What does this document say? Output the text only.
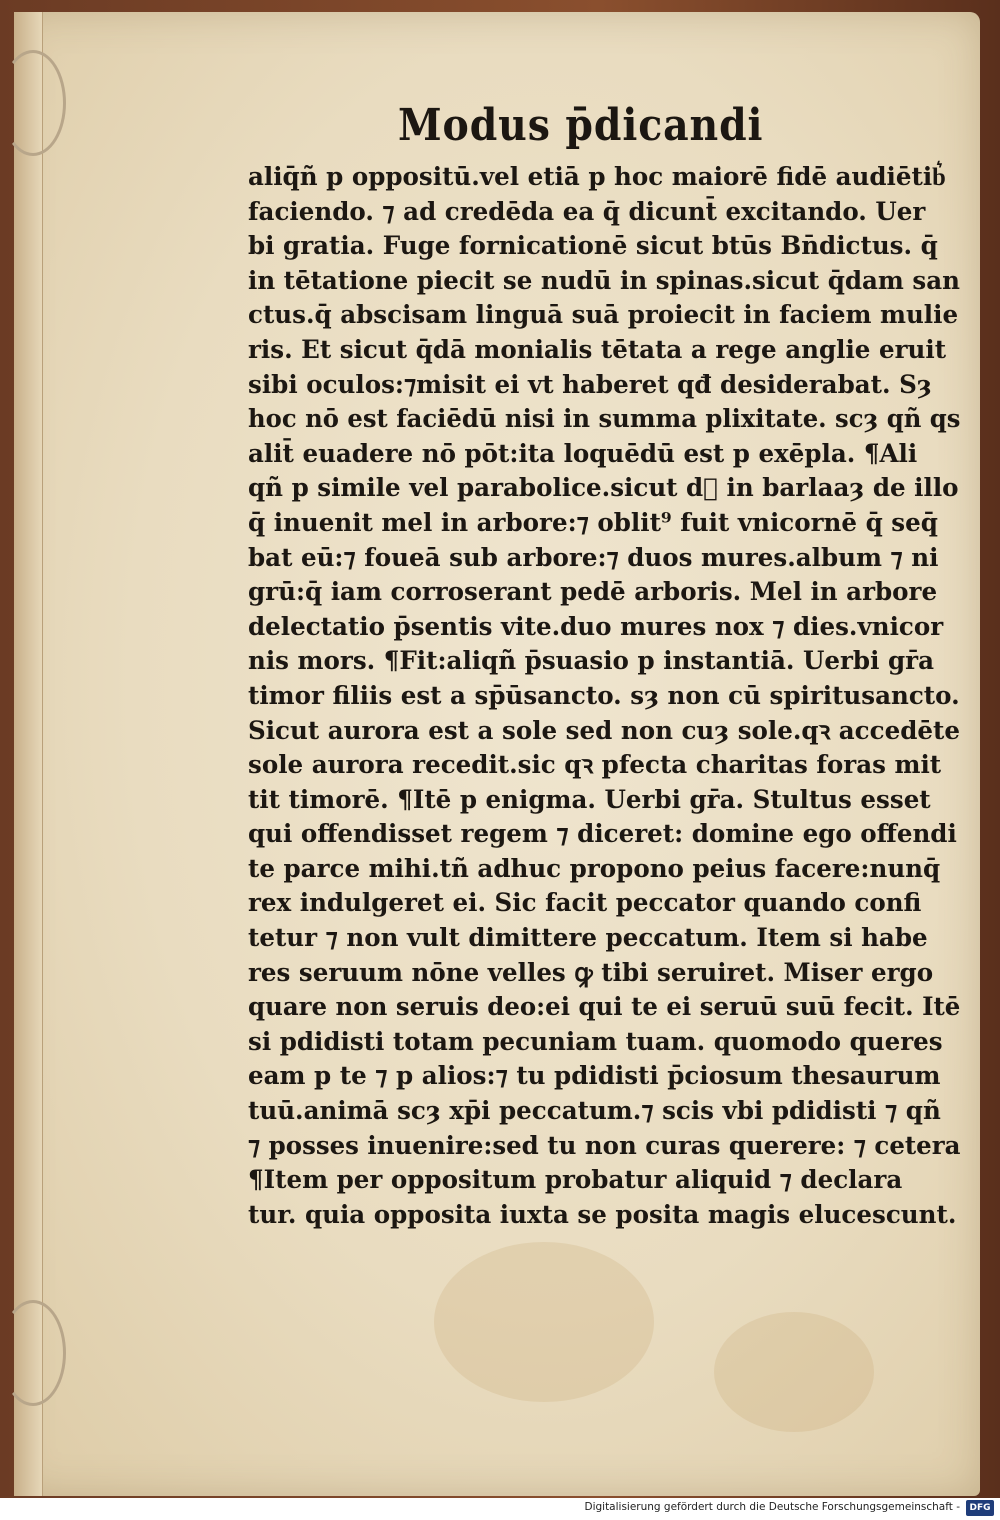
Modus p̄dicandi
aliq̄ñ p oppositū.vel etiā p hoc maiorē fidē audiētib͛
faciendo. ⁊ ad credēda ea q̄ dicunt̄ excitando. Uer
bi gratia. Fuge fornicationē sicut btūs Bn̄dictus. q̄
in tētatione piecit se nudū in spinas.sicut q̄dam san
ctus.q̄ abscisam linguā suā proiecit in faciem mulie
ris. Et sicut q̄dā monialis tētata a rege anglie eruit
sibi oculos:⁊misit ei vt haberet qđ desiderabat. Sȝ
hoc nō est faciēdū nisi in summa plixitate. scȝ qñ qs
alit̄ euadere nō pōt:ita loquēdū est p exēpla. ¶Ali
qñ p simile vel parabolice.sicut dᷓ in barlaaȝ de illo
q̄ inuenit mel in arbore:⁊ oblit⁹ fuit vnicornē q̄ seq̄
bat eū:⁊ foueā sub arbore:⁊ duos mures.album ⁊ ni
grū:q̄ iam corroserant pedē arboris. Mel in arbore
delectatio p̄sentis vite.duo mures nox ⁊ dies.vnicor
nis mors. ¶Fit:aliqñ p̄suasio p instantiā. Uerbi gr̄a
timor filiis est a sp̄ūsancto. sȝ non cū spiritusancto.
Sicut aurora est a sole sed non cuȝ sole.qꝛ accedēte
sole aurora recedit.sic qꝛ pfecta charitas foras mit
tit timorē. ¶Itē p enigma. Uerbi gr̄a. Stultus esset
qui offendisset regem ⁊ diceret: domine ego offendi
te parce mihi.tñ adhuc propono peius facere:nunq̄
rex indulgeret ei. Sic facit peccator quando confi
tetur ⁊ non vult dimittere peccatum. Item si habe
res seruum nōne velles ꝙ tibi seruiret. Miser ergo
quare non seruis deo:ei qui te ei seruū suū fecit. Itē
si pdidisti totam pecuniam tuam. quomodo queres
eam p te ⁊ p alios:⁊ tu pdidisti p̄ciosum thesaurum
tuū.animā scȝ xp̄i peccatum.⁊ scis vbi pdidisti ⁊ qñ
⁊ posses inuenire:sed tu non curas querere: ⁊ cetera
¶Item per oppositum probatur aliquid ⁊ declara
tur. quia opposita iuxta se posita magis elucescunt.
Digitalisierung gefördert durch die Deutsche Forschungsgemeinschaft -	DFG
